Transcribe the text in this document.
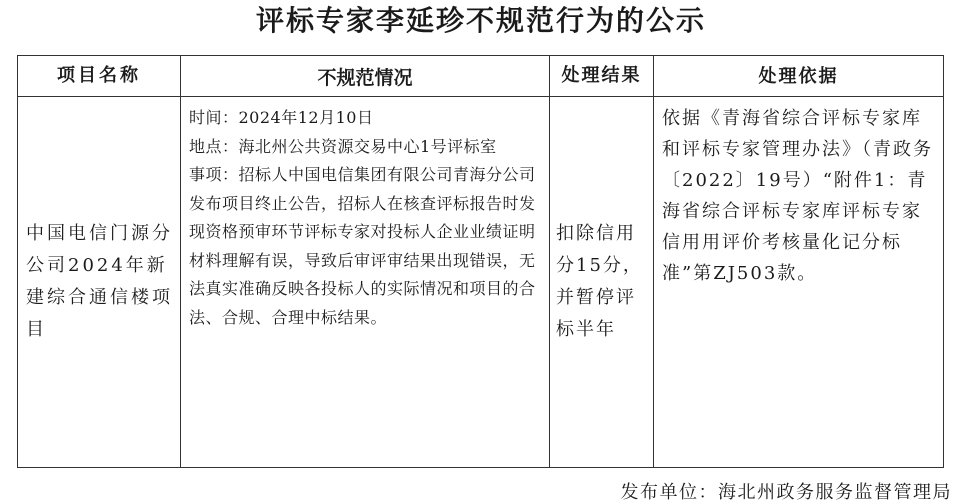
评标专家李延珍不规范行为的公示
项目名称	不规范情况	处理结果	处理依据

中国电信门源分公司2024年新建综合通信楼项目	时间：2024年12月10日
地点：海北州公共资源交易中心1号评标室
事项：招标人中国电信集团有限公司青海分公司发布项目终止公告，招标人在核查评标报告时发现资格预审环节评标专家对投标人企业业绩证明材料理解有误，导致后审评审结果出现错误，无法真实准确反映各投标人的实际情况和项目的合法、合规、合理中标结果。	扣除信用分15分，并暂停评标半年	依据《青海省综合评标专家库和评标专家管理办法》（青政务〔2022〕19号）“附件1：青海省综合评标专家库评标专家信用用评价考核量化记分标准”第ZJ503款。
发布单位：海北州政务服务监督管理局
